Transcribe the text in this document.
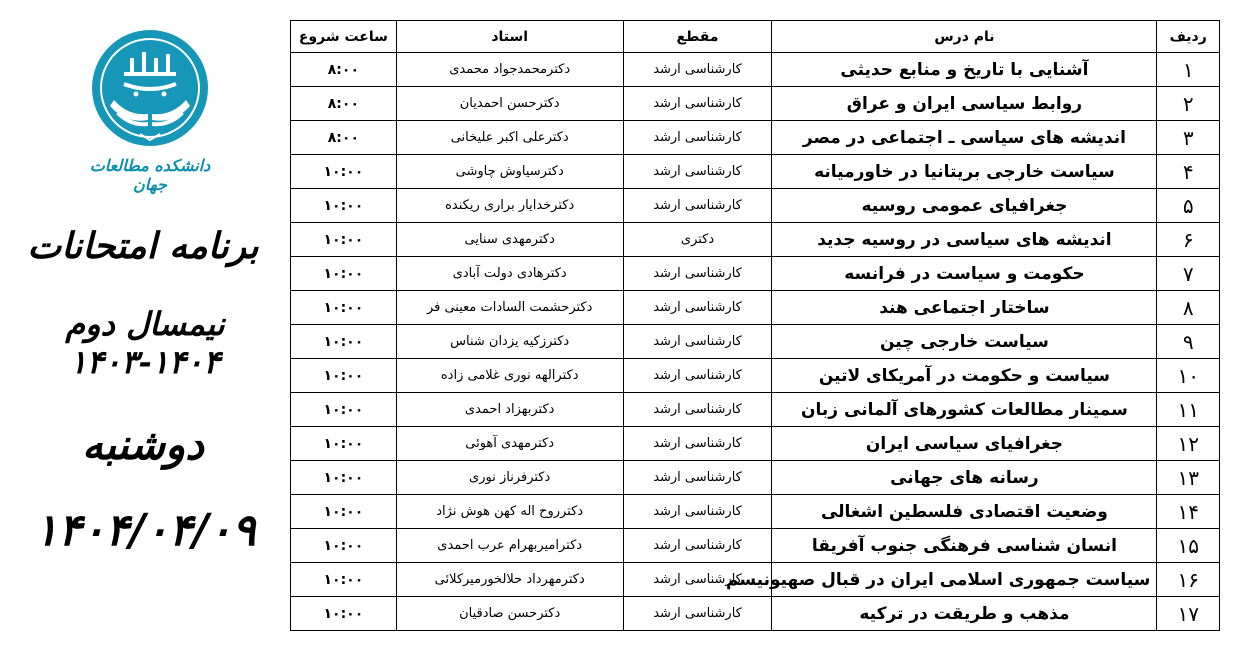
دانشکده مطالعات جهان
برنامه امتحانات
نیمسال دوم ۱۴۰۴-۱۴۰۳
دوشنبه
۱۴۰۴/۰۴/۰۹
ردیف	نام درس	مقطع	استاد	ساعت شروع
۱	آشنایی با تاریخ و منابع حدیثی	کارشناسی ارشد	دکترمحمدجواد محمدی	۸:۰۰
۲	روابط سیاسی ایران و عراق	کارشناسی ارشد	دکترحسن احمدیان	۸:۰۰
۳	اندیشه های سیاسی ـ اجتماعی در مصر	کارشناسی ارشد	دکترعلی اکبر علیخانی	۸:۰۰
۴	سیاست خارجی بریتانیا در خاورمیانه	کارشناسی ارشد	دکترسیاوش چاوشی	۱۰:۰۰
۵	جغرافیای عمومی روسیه	کارشناسی ارشد	دکترخدایار براری ریکنده	۱۰:۰۰
۶	اندیشه های سیاسی در روسیه جدید	دکتری	دکترمهدی سنایی	۱۰:۰۰
۷	حکومت و سیاست در فرانسه	کارشناسی ارشد	دکترهادی دولت آبادی	۱۰:۰۰
۸	ساختار اجتماعی هند	کارشناسی ارشد	دکترحشمت السادات معینی فر	۱۰:۰۰
۹	سیاست خارجی چین	کارشناسی ارشد	دکترزکیه یزدان شناس	۱۰:۰۰
۱۰	سیاست و حکومت در آمریکای لاتین	کارشناسی ارشد	دکترالهه نوری غلامی زاده	۱۰:۰۰
۱۱	سمینار مطالعات کشورهای آلمانی زبان	کارشناسی ارشد	دکتربهزاد احمدی	۱۰:۰۰
۱۲	جغرافیای سیاسی ایران	کارشناسی ارشد	دکترمهدی آهوئی	۱۰:۰۰
۱۳	رسانه های جهانی	کارشناسی ارشد	دکترفرناز نوری	۱۰:۰۰
۱۴	وضعیت اقتصادی فلسطین اشغالی	کارشناسی ارشد	دکترروح اله کهن هوش نژاد	۱۰:۰۰
۱۵	انسان شناسی فرهنگی جنوب آفریقا	کارشناسی ارشد	دکترامیربهرام عرب احمدی	۱۰:۰۰
۱۶	سیاست جمهوری اسلامی ایران در قبال صهیونیسم	کارشناسی ارشد	دکترمهرداد حلالخورمیرکلائی	۱۰:۰۰
۱۷	مذهب و طریقت در ترکیه	کارشناسی ارشد	دکترحسن صادقیان	۱۰:۰۰
